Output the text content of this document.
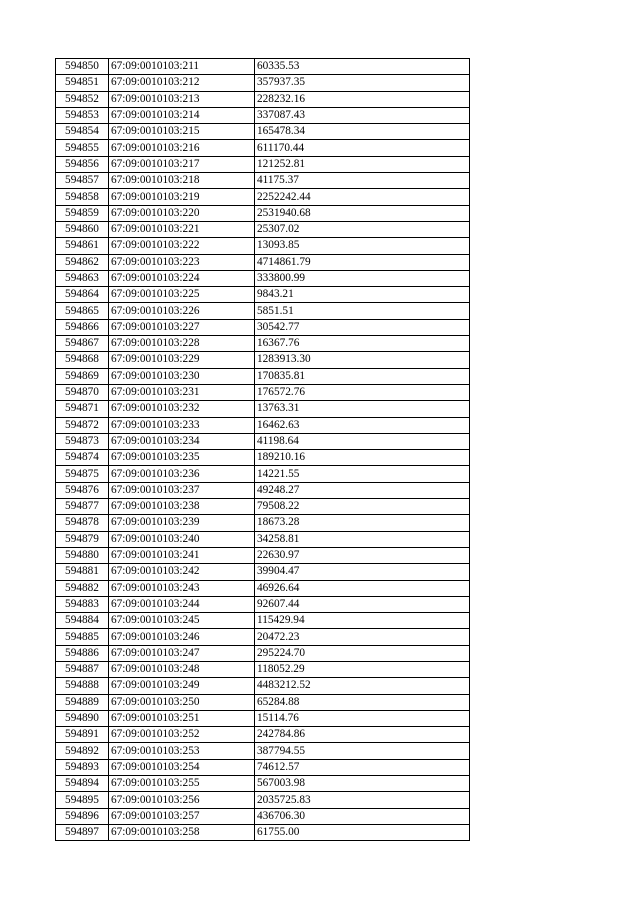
594850	67:09:0010103:211	60335.53
594851	67:09:0010103:212	357937.35
594852	67:09:0010103:213	228232.16
594853	67:09:0010103:214	337087.43
594854	67:09:0010103:215	165478.34
594855	67:09:0010103:216	611170.44
594856	67:09:0010103:217	121252.81
594857	67:09:0010103:218	41175.37
594858	67:09:0010103:219	2252242.44
594859	67:09:0010103:220	2531940.68
594860	67:09:0010103:221	25307.02
594861	67:09:0010103:222	13093.85
594862	67:09:0010103:223	4714861.79
594863	67:09:0010103:224	333800.99
594864	67:09:0010103:225	9843.21
594865	67:09:0010103:226	5851.51
594866	67:09:0010103:227	30542.77
594867	67:09:0010103:228	16367.76
594868	67:09:0010103:229	1283913.30
594869	67:09:0010103:230	170835.81
594870	67:09:0010103:231	176572.76
594871	67:09:0010103:232	13763.31
594872	67:09:0010103:233	16462.63
594873	67:09:0010103:234	41198.64
594874	67:09:0010103:235	189210.16
594875	67:09:0010103:236	14221.55
594876	67:09:0010103:237	49248.27
594877	67:09:0010103:238	79508.22
594878	67:09:0010103:239	18673.28
594879	67:09:0010103:240	34258.81
594880	67:09:0010103:241	22630.97
594881	67:09:0010103:242	39904.47
594882	67:09:0010103:243	46926.64
594883	67:09:0010103:244	92607.44
594884	67:09:0010103:245	115429.94
594885	67:09:0010103:246	20472.23
594886	67:09:0010103:247	295224.70
594887	67:09:0010103:248	118052.29
594888	67:09:0010103:249	4483212.52
594889	67:09:0010103:250	65284.88
594890	67:09:0010103:251	15114.76
594891	67:09:0010103:252	242784.86
594892	67:09:0010103:253	387794.55
594893	67:09:0010103:254	74612.57
594894	67:09:0010103:255	567003.98
594895	67:09:0010103:256	2035725.83
594896	67:09:0010103:257	436706.30
594897	67:09:0010103:258	61755.00
